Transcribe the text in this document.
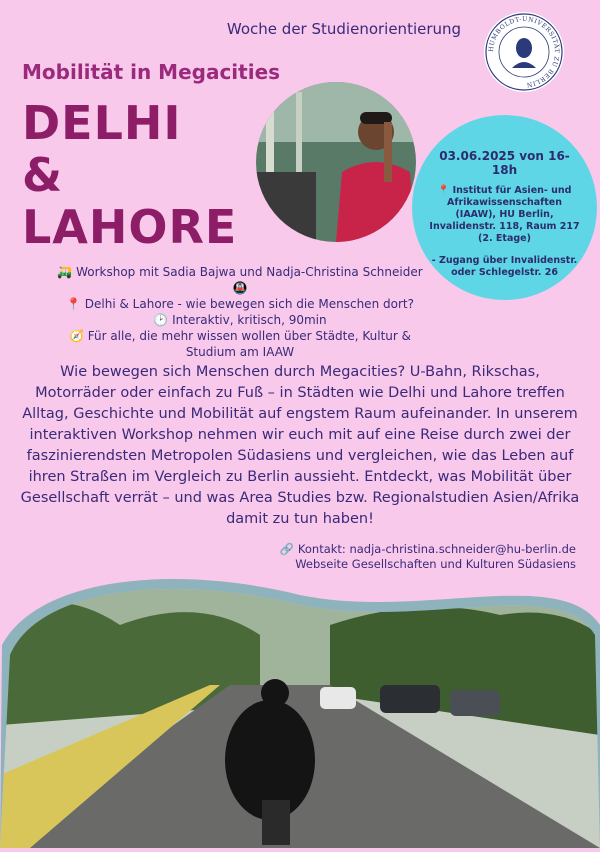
Woche der Studienorientierung
HUMBOLDT-UNIVERSITÄT ZU BERLIN
Mobilität in Megacities
DELHI
&
LAHORE
03.06.2025 von 16-18h
📍 Institut für Asien- und Afrikawissenschaften (IAAW), HU Berlin, Invalidenstr. 118, Raum 217 (2. Etage)
- Zugang über Invalidenstr. oder Schlegelstr. 26
🛺 Workshop mit Sadia Bajwa und Nadja-Christina Schneider 🚇
📍 Delhi & Lahore - wie bewegen sich die Menschen dort?
🕑 Interaktiv, kritisch, 90min
🧭 Für alle, die mehr wissen wollen über Städte, Kultur & Studium am IAAW
Wie bewegen sich Menschen durch Megacities? U-Bahn, Rikschas, Motorräder oder einfach zu Fuß – in Städten wie Delhi und Lahore treffen Alltag, Geschichte und Mobilität auf engstem Raum aufeinander. In unserem interaktiven Workshop nehmen wir euch mit auf eine Reise durch zwei der faszinierendsten Metropolen Südasiens und vergleichen, wie das Leben auf ihren Straßen im Vergleich zu Berlin aussieht. Entdeckt, was Mobilität über Gesellschaft verrät – und was Area Studies bzw. Regionalstudien Asien/Afrika damit zu tun haben!
🔗 Kontakt: nadja-christina.schneider@hu-berlin.de
Webseite Gesellschaften und Kulturen Südasiens
